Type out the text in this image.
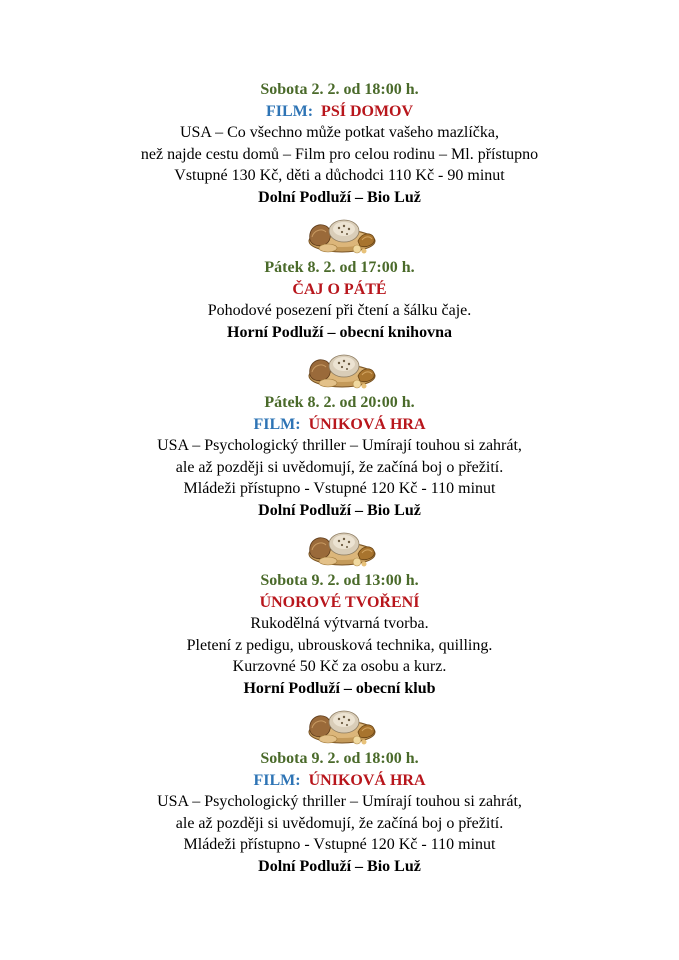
Sobota 2. 2. od 18:00 h.
FILM: PSÍ DOMOV
USA – Co všechno může potkat vašeho mazlíčka,
než najde cestu domů – Film pro celou rodinu – Ml. přístupno
Vstupné 130 Kč, děti a důchodci 110 Kč - 90 minut
Dolní Podluží – Bio Luž
Pátek 8. 2. od 17:00 h.
ČAJ O PÁTÉ
Pohodové posezení při čtení a šálku čaje.
Horní Podluží – obecní knihovna
Pátek 8. 2. od 20:00 h.
FILM: ÚNIKOVÁ HRA
USA – Psychologický thriller – Umírají touhou si zahrát,
ale až později si uvědomují, že začíná boj o přežití.
Mládeži přístupno - Vstupné 120 Kč - 110 minut
Dolní Podluží – Bio Luž
Sobota 9. 2. od 13:00 h.
ÚNOROVÉ TVOŘENÍ
Rukodělná výtvarná tvorba.
Pletení z pedigu, ubrousková technika, quilling.
Kurzovné 50 Kč za osobu a kurz.
Horní Podluží – obecní klub
Sobota 9. 2. od 18:00 h.
FILM: ÚNIKOVÁ HRA
USA – Psychologický thriller – Umírají touhou si zahrát,
ale až později si uvědomují, že začíná boj o přežití.
Mládeži přístupno - Vstupné 120 Kč - 110 minut
Dolní Podluží – Bio Luž
